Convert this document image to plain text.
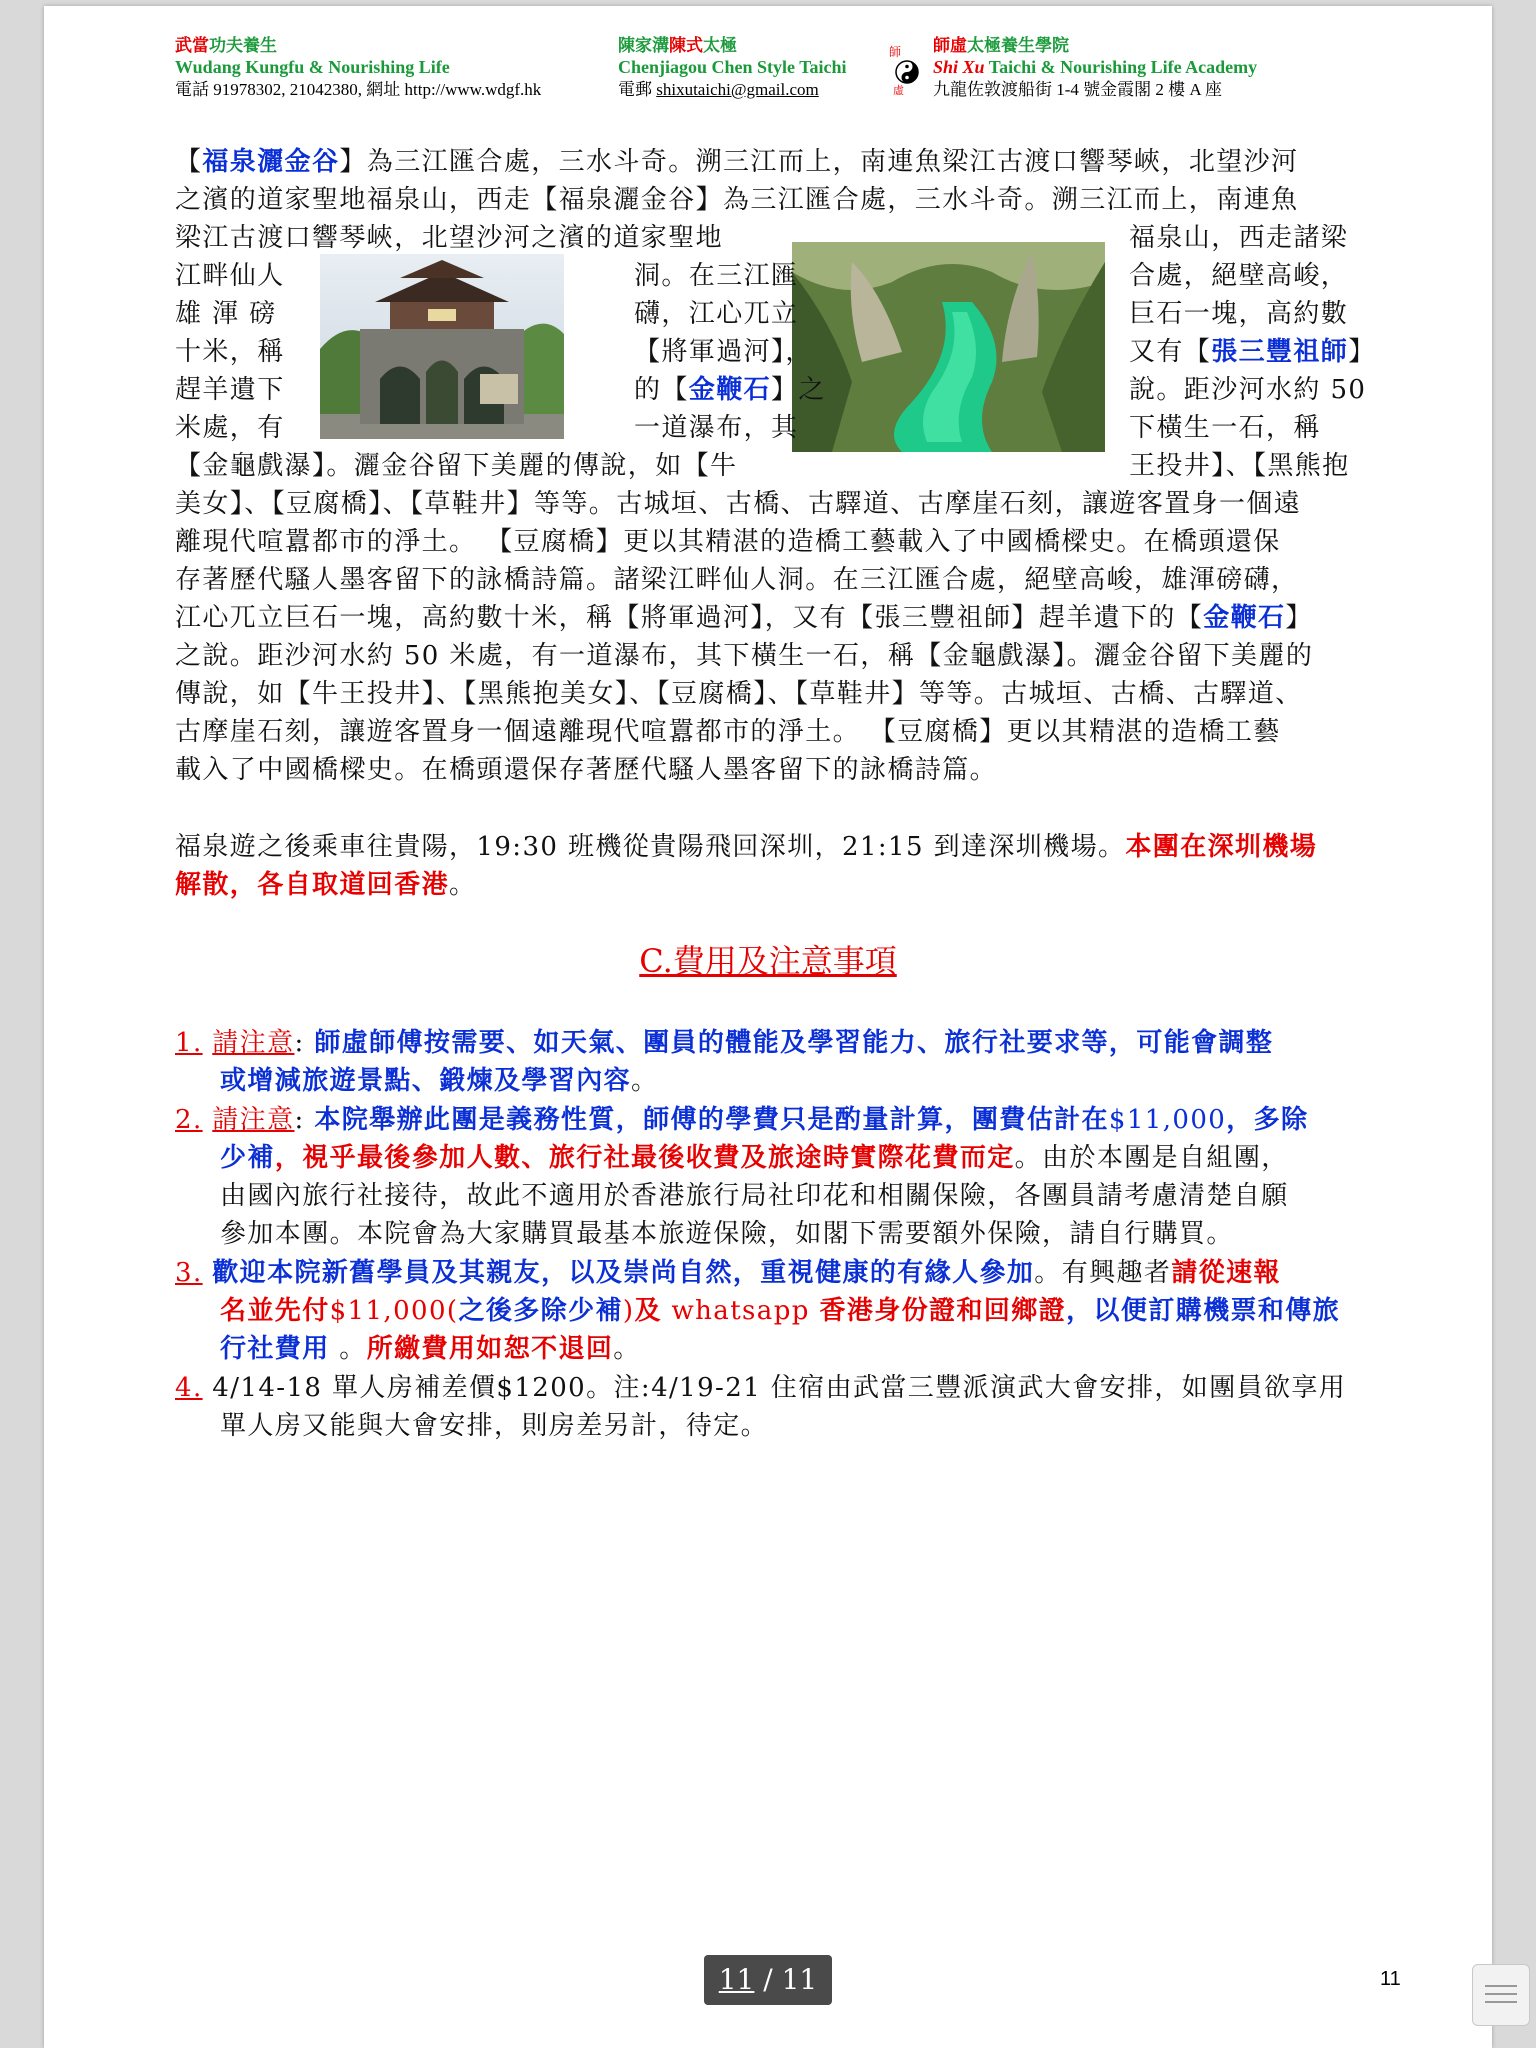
武當功夫養生
Wudang Kungfu & Nourishing Life
電話 91978302, 21042380, 網址 http://www.wdgf.hk
陳家溝陳式太極
Chenjiagou Chen Style Taichi
電郵 shixutaichi@gmail.com
師
虛
師虛太極養生學院
Shi Xu Taichi & Nourishing Life Academy
九龍佐敦渡船街 1-4 號金霞閣 2 樓 A 座
【福泉灑金谷】為三江匯合處，三水斗奇。溯三江而上，南連魚梁江古渡口響琴峽，北望沙河
之濱的道家聖地福泉山，西走【福泉灑金谷】為三江匯合處，三水斗奇。溯三江而上，南連魚
梁江古渡口響琴峽，北望沙河之濱的道家聖地	福泉山，西走諸梁
江畔仙人	洞。在三江匯	合處，絕壁高峻，
雄 渾 磅	礴，江心兀立	巨石一塊，高約數
十米，稱	【將軍過河】，	又有【張三豐祖師】
趕羊遺下	的【金鞭石】之	說。距沙河水約 50
米處，有	一道瀑布，其	下橫生一石，稱
【金龜戲瀑】。灑金谷留下美麗的傳說，如【牛	王投井】、【黑熊抱
美女】、【豆腐橋】、【草鞋井】等等。古城垣、古橋、古驛道、古摩崖石刻，讓遊客置身一個遠
離現代喧囂都市的淨土。 【豆腐橋】更以其精湛的造橋工藝載入了中國橋樑史。在橋頭還保
存著歷代騷人墨客留下的詠橋詩篇。諸梁江畔仙人洞。在三江匯合處，絕壁高峻，雄渾磅礴，
江心兀立巨石一塊，高約數十米，稱【將軍過河】，又有【張三豐祖師】趕羊遺下的【金鞭石】
之說。距沙河水約 50 米處，有一道瀑布，其下橫生一石，稱【金龜戲瀑】。灑金谷留下美麗的
傳說，如【牛王投井】、【黑熊抱美女】、【豆腐橋】、【草鞋井】等等。古城垣、古橋、古驛道、
古摩崖石刻，讓遊客置身一個遠離現代喧囂都市的淨土。 【豆腐橋】更以其精湛的造橋工藝
載入了中國橋樑史。在橋頭還保存著歷代騷人墨客留下的詠橋詩篇。
福泉遊之後乘車往貴陽，19:30 班機從貴陽飛回深圳，21:15 到達深圳機場。本團在深圳機場
解散，各自取道回香港。
C.費用及注意事項
1. 請注意: 師虛師傅按需要、如天氣、團員的體能及學習能力、旅行社要求等，可能會調整
或增減旅遊景點、鍛煉及學習內容。
2. 請注意: 本院舉辦此團是義務性質，師傅的學費只是酌量計算，團費估計在$11,000，多除
少補，視乎最後參加人數、旅行社最後收費及旅途時實際花費而定。由於本團是自組團，
由國內旅行社接待，故此不適用於香港旅行局社印花和相關保險，各團員請考慮清楚自願
參加本團。本院會為大家購買最基本旅遊保險，如閣下需要額外保險，請自行購買。
3. 歡迎本院新舊學員及其親友，以及崇尚自然，重視健康的有緣人參加。有興趣者請從速報
名並先付$11,000(之後多除少補)及 whatsapp 香港身份證和回鄉證，以便訂購機票和傳旅
行社費用 。所繳費用如恕不退回。
4. 4/14-18 單人房補差價$1200。注:4/19-21 住宿由武當三豐派演武大會安排，如團員欲享用
單人房又能與大會安排，則房差另計，待定。
11
11 / 11
